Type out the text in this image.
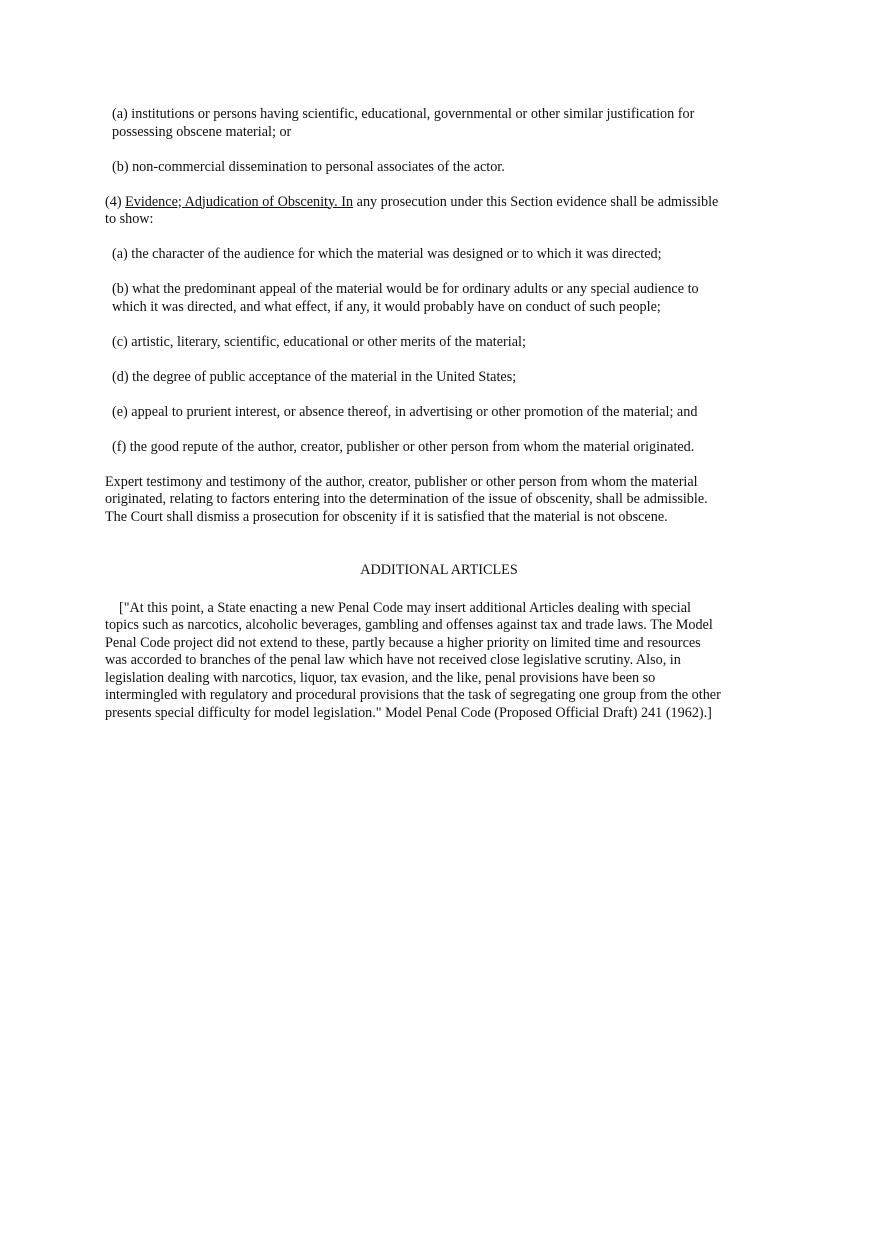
(a) institutions or persons having scientific, educational, governmental or other similar justification for possessing obscene material; or

(b) non-commercial dissemination to personal associates of the actor.

(4) Evidence; Adjudication of Obscenity. In any prosecution under this Section evidence shall be admissible to show:

(a) the character of the audience for which the material was designed or to which it was directed;

(b) what the predominant appeal of the material would be for ordinary adults or any special audience to which it was directed, and what effect, if any, it would probably have on conduct of such people;

(c) artistic, literary, scientific, educational or other merits of the material;

(d) the degree of public acceptance of the material in the United States;

(e) appeal to prurient interest, or absence thereof, in advertising or other promotion of the material; and

(f) the good repute of the author, creator, publisher or other person from whom the material originated.

Expert testimony and testimony of the author, creator, publisher or other person from whom the material originated, relating to factors entering into the determination of the issue of obscenity, shall be admissible. The Court shall dismiss a prosecution for obscenity if it is satisfied that the material is not obscene.

ADDITIONAL ARTICLES

["At this point, a State enacting a new Penal Code may insert additional Articles dealing with special topics such as narcotics, alcoholic beverages, gambling and offenses against tax and trade laws. The Model Penal Code project did not extend to these, partly because a higher priority on limited time and resources was accorded to branches of the penal law which have not received close legislative scrutiny. Also, in legislation dealing with narcotics, liquor, tax evasion, and the like, penal provisions have been so intermingled with regulatory and procedural provisions that the task of segregating one group from the other presents special difficulty for model legislation." Model Penal Code (Proposed Official Draft) 241 (1962).]
